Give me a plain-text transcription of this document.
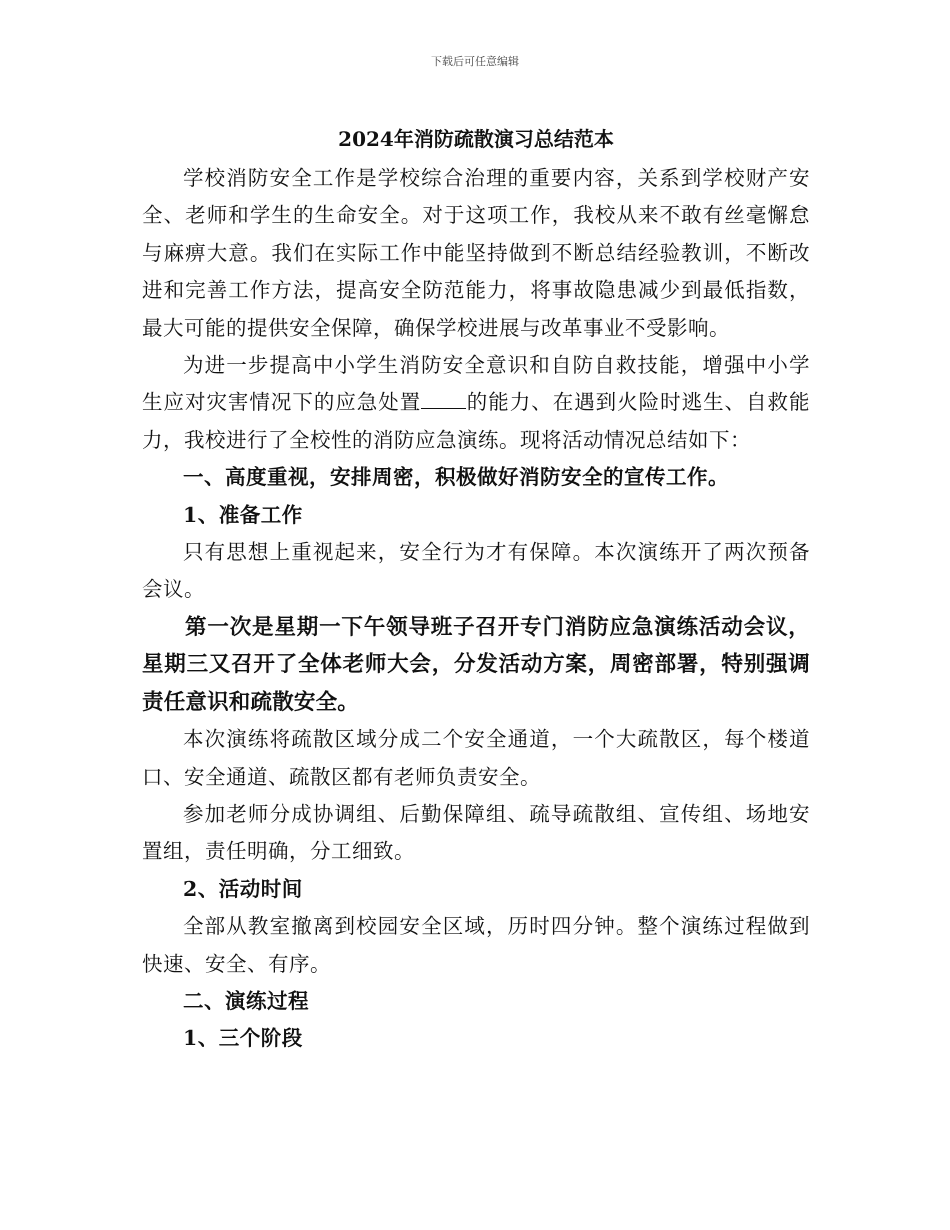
下载后可任意编辑
2024年消防疏散演习总结范本

学校消防安全工作是学校综合治理的重要内容，关系到学校财产安全、老师和学生的生命安全。对于这项工作，我校从来不敢有丝毫懈怠与麻痹大意。我们在实际工作中能坚持做到不断总结经验教训，不断改进和完善工作方法，提高安全防范能力，将事故隐患减少到最低指数，最大可能的提供安全保障，确保学校进展与改革事业不受影响。

为进一步提高中小学生消防安全意识和自防自救技能，增强中小学生应对灾害情况下的应急处置 的能力、在遇到火险时逃生、自救能力，我校进行了全校性的消防应急演练。现将活动情况总结如下：

一、高度重视，安排周密，积极做好消防安全的宣传工作。

1、准备工作

只有思想上重视起来，安全行为才有保障。本次演练开了两次预备会议。

第一次是星期一下午领导班子召开专门消防应急演练活动会议，星期三又召开了全体老师大会，分发活动方案，周密部署，特别强调责任意识和疏散安全。

本次演练将疏散区域分成二个安全通道，一个大疏散区，每个楼道口、安全通道、疏散区都有老师负责安全。

参加老师分成协调组、后勤保障组、疏导疏散组、宣传组、场地安置组，责任明确，分工细致。

2、活动时间

全部从教室撤离到校园安全区域，历时四分钟。整个演练过程做到快速、安全、有序。

二、演练过程

1、三个阶段
